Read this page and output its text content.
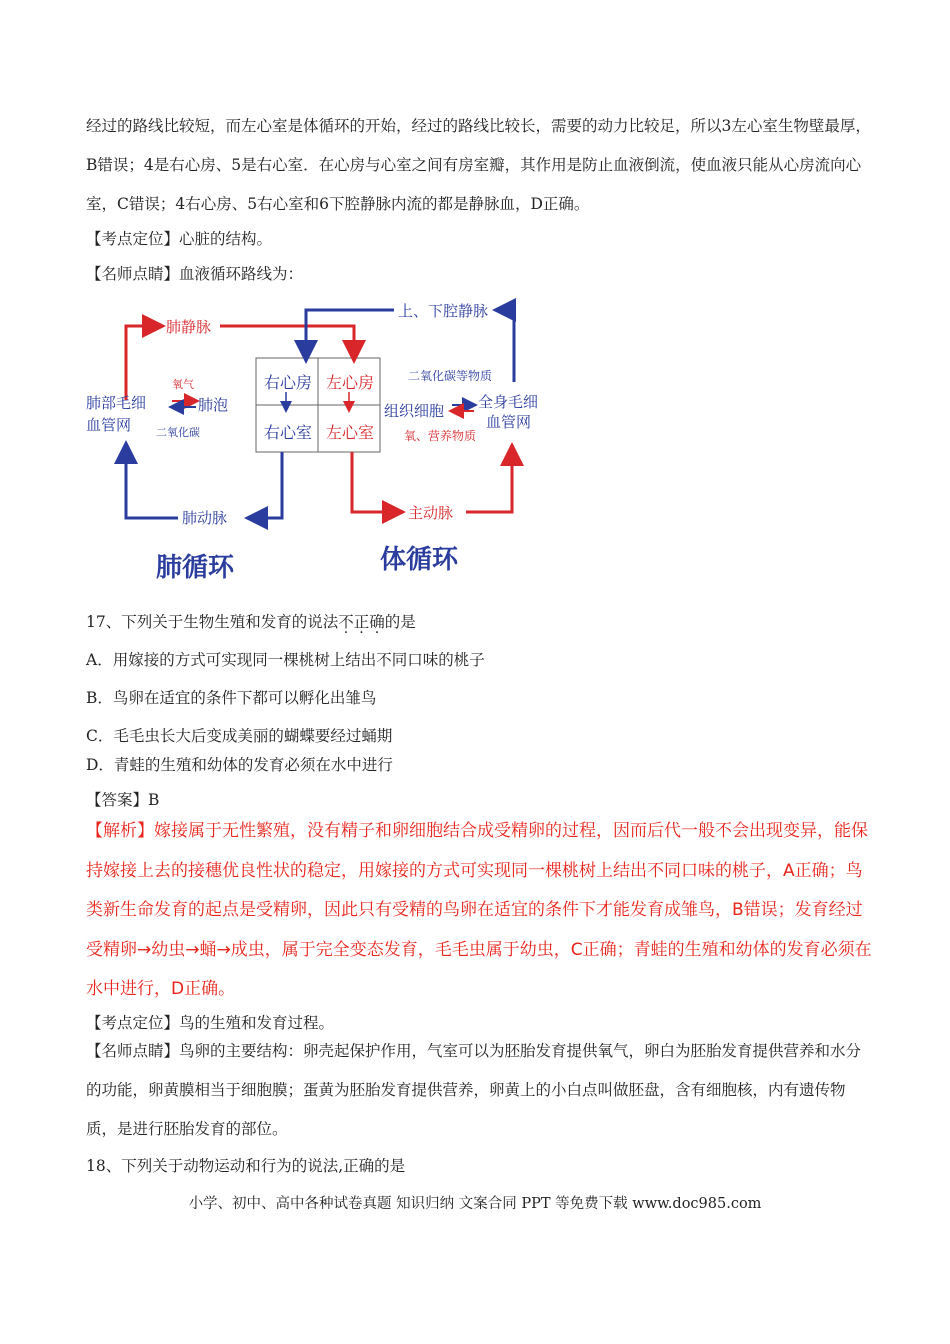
经过的路线比较短，而左心室是体循环的开始，经过的路线比较长，需要的动力比较足，所以3左心室生物壁最厚，B错误；4是右心房、5是右心室．在心房与心室之间有房室瓣，其作用是防止血液倒流，使血液只能从心房流向心室，C错误；4右心房、5右心室和6下腔静脉内流的都是静脉血，D正确。

【考点定位】心脏的结构。

【名师点睛】血液循环路线为：

右心房 左心房
右心室 左心室
肺静脉
上、下腔静脉
肺部毛细
血管网
氧气
肺泡
二氧化碳
二氧化碳等物质
组织细胞 全身毛细
血管网
氧、营养物质
肺动脉	主动脉
肺循环	体循环

17、下列关于生物生殖和发育的说法不正确的是

A．用嫁接的方式可实现同一棵桃树上结出不同口味的桃子

B．鸟卵在适宜的条件下都可以孵化出雏鸟

C．毛毛虫长大后变成美丽的蝴蝶要经过蛹期

D．青蛙的生殖和幼体的发育必须在水中进行

【答案】B

【解析】嫁接属于无性繁殖，没有精子和卵细胞结合成受精卵的过程，因而后代一般不会出现变异，能保持嫁接上去的接穗优良性状的稳定，用嫁接的方式可实现同一棵桃树上结出不同口味的桃子，A正确；鸟类新生命发育的起点是受精卵，因此只有受精的鸟卵在适宜的条件下才能发育成雏鸟，B错误；发育经过受精卵→幼虫→蛹→成虫，属于完全变态发育，毛毛虫属于幼虫，C正确；青蛙的生殖和幼体的发育必须在水中进行，D正确。

【考点定位】鸟的生殖和发育过程。

【名师点睛】鸟卵的主要结构：卵壳起保护作用，气室可以为胚胎发育提供氧气，卵白为胚胎发育提供营养和水分的功能，卵黄膜相当于细胞膜；蛋黄为胚胎发育提供营养，卵黄上的小白点叫做胚盘，含有细胞核，内有遗传物质，是进行胚胎发育的部位。

18、下列关于动物运动和行为的说法,正确的是

小学、初中、高中各种试卷真题 知识归纳 文案合同 PPT 等免费下载 www.doc985.com
